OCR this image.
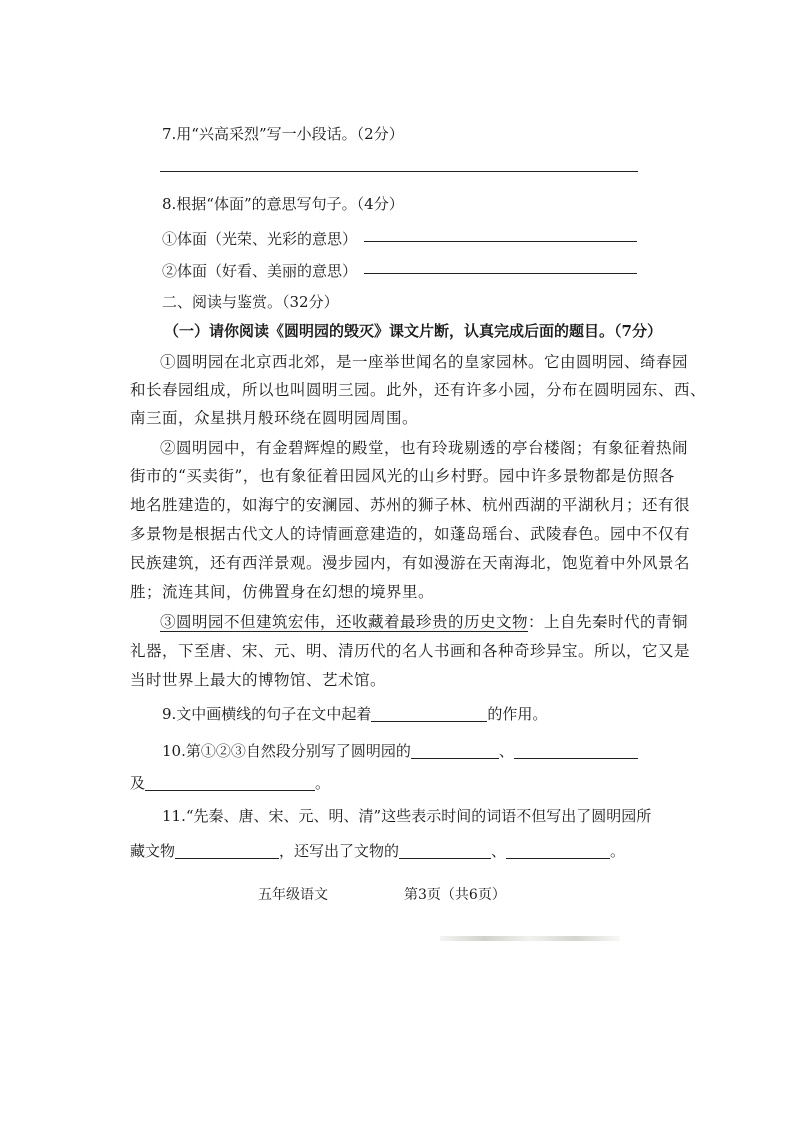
7.用“兴高采烈”写一小段话。（2分）
8.根据“体面”的意思写句子。（4分）
①体面（光荣、光彩的意思）
②体面（好看、美丽的意思）
二、阅读与鉴赏。（32分）
（一）请你阅读《圆明园的毁灭》课文片断，认真完成后面的题目。（7分）
①圆明园在北京西北郊，是一座举世闻名的皇家园林。它由圆明园、绮春园
和长春园组成，所以也叫圆明三园。此外，还有许多小园，分布在圆明园东、西、
南三面，众星拱月般环绕在圆明园周围。
②圆明园中，有金碧辉煌的殿堂，也有玲珑剔透的亭台楼阁；有象征着热闹
街市的“买卖街”，也有象征着田园风光的山乡村野。园中许多景物都是仿照各
地名胜建造的，如海宁的安澜园、苏州的狮子林、杭州西湖的平湖秋月；还有很
多景物是根据古代文人的诗情画意建造的，如蓬岛瑶台、武陵春色。园中不仅有
民族建筑，还有西洋景观。漫步园内，有如漫游在天南海北，饱览着中外风景名
胜；流连其间，仿佛置身在幻想的境界里。
③圆明园不但建筑宏伟，还收藏着最珍贵的历史文物：上自先秦时代的青铜
礼器，下至唐、宋、元、明、清历代的名人书画和各种奇珍异宝。所以，它又是
当时世界上最大的博物馆、艺术馆。
9.文中画横线的句子在文中起着	的作用。
10.第①②③自然段分别写了圆明园的	、
及	。
11.“先秦、唐、宋、元、明、清”这些表示时间的词语不但写出了圆明园所
藏文物	，还写出了文物的	、	。
五年级语文	第3页（共6页）
